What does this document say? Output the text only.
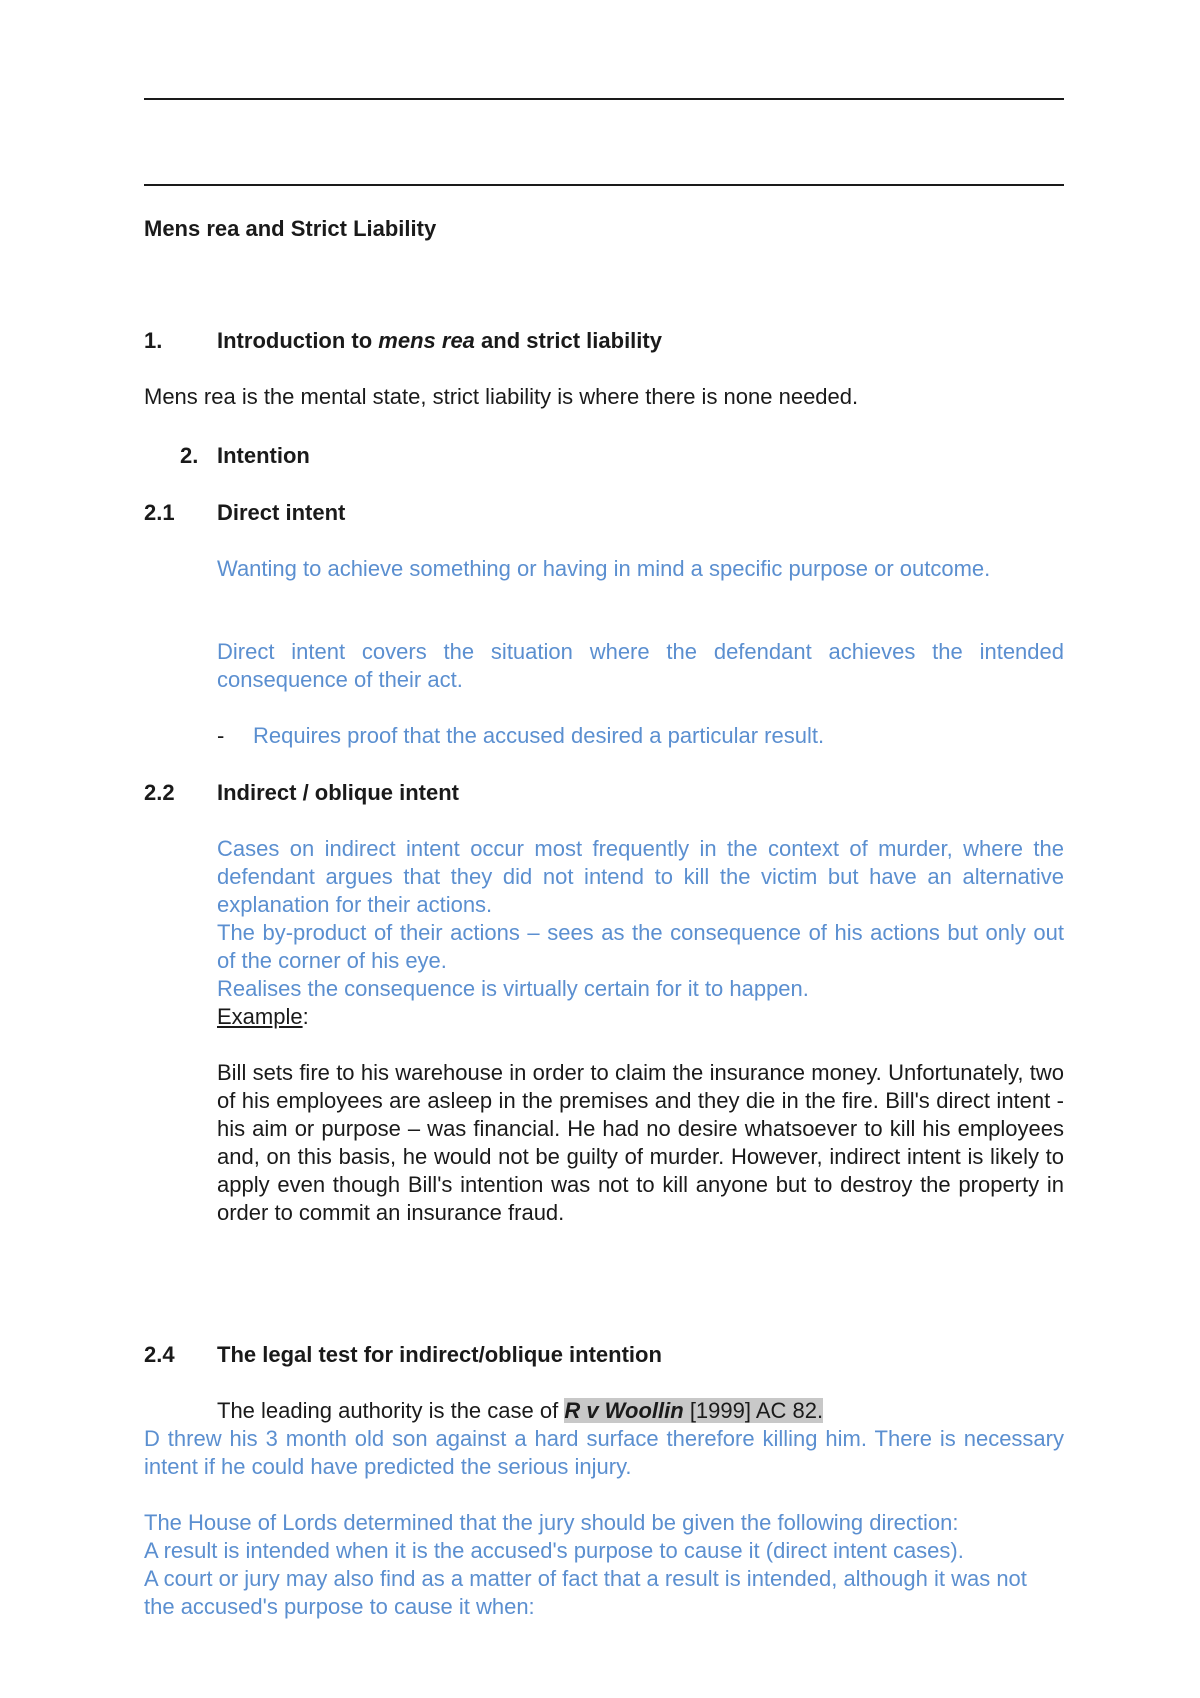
Mens rea and Strict Liability
1. Introduction to mens rea and strict liability
Mens rea is the mental state, strict liability is where there is none needed.
2. Intention
2.1 Direct intent

Wanting to achieve something or having in mind a specific purpose or outcome.

Direct intent covers the situation where the defendant achieves the intended consequence of their act.

- Requires proof that the accused desired a particular result.
2.2 Indirect / oblique intent

Cases on indirect intent occur most frequently in the context of murder, where the defendant argues that they did not intend to kill the victim but have an alternative explanation for their actions.

The by-product of their actions – sees as the consequence of his actions but only out of the corner of his eye.

Realises the consequence is virtually certain for it to happen.

Example:

Bill sets fire to his warehouse in order to claim the insurance money. Unfortunately, two of his employees are asleep in the premises and they die in the fire. Bill's direct intent - his aim or purpose – was financial. He had no desire whatsoever to kill his employees and, on this basis, he would not be guilty of murder. However, indirect intent is likely to apply even though Bill's intention was not to kill anyone but to destroy the property in order to commit an insurance fraud.

2.4 The legal test for indirect/oblique intention
The leading authority is the case of R v Woollin [1999] AC 82.

D threw his 3 month old son against a hard surface therefore killing him. There is necessary intent if he could have predicted the serious injury.

The House of Lords determined that the jury should be given the following direction:

A result is intended when it is the accused's purpose to cause it (direct intent cases).

A court or jury may also find as a matter of fact that a result is intended, although it was not the accused's purpose to cause it when:
